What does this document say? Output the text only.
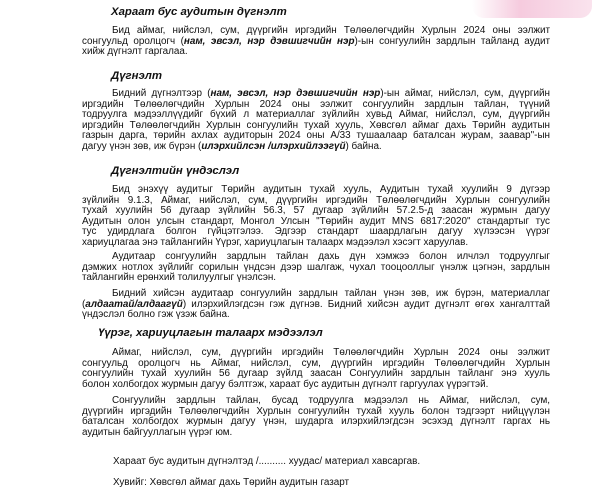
Хараат бус аудитын дүгнэлт
Бид аймаг, нийслэл, сум, дүүргийн иргэдийн Төлөөлөгчдийн Хурлын 2024 оны ээлжит
сонгуульд оролцогч (нам, эвсэл, нэр дэвшигчийн нэр)-ын сонгуулийн зардлын тайланд аудит
хийж дүгнэлт гаргалаа.
Дүгнэлт
Бидний дүгнэлтээр (нам, эвсэл, нэр дэвшигчийн нэр)-ын аймаг, нийслэл, сум, дүүргийн
иргэдийн Төлөөлөгчдийн Хурлын 2024 оны ээлжит сонгуулийн зардлын тайлан, түүний
тодруулга мэдээллүүдийг бүхий л материаллаг зүйлийн хувьд Аймаг, нийслэл, сум, дүүргийн
иргэдийн Төлөөлөгчдийн Хурлын сонгуулийн тухай хууль, Хөвсгөл аймаг дахь Төрийн аудитын
газрын дарга, төрийн ахлах аудиторын 2024 оны А/33 тушаалаар баталсан журам, заавар"-ын
дагуу үнэн зөв, иж бүрэн (илэрхийлсэн /илэрхийлээгүй) байна.
Дүгнэлтийн үндэслэл
Бид энэхүү аудитыг Төрийн аудитын тухай хууль, Аудитын тухай хуулийн 9 дүгээр
зүйлийн 9.1.3, Аймаг, нийслэл, сум, дүүргийн иргэдийн Төлөөлөгчдийн Хурлын сонгуулийн
тухай хуулийн 56 дугаар зүйлийн 56.3, 57 дугаар зүйлийн 57.2.5-д заасан журмын дагуу
Аудитын олон улсын стандарт, Монгол Улсын "Төрийн аудит MNS 6817:2020" стандартыг тус
тус удирдлага болгон гүйцэтгэлээ. Эдгээр стандарт шаардлагын дагуу хүлээсэн үүрэг
хариуцлагаа энэ тайлангийн Үүрэг, хариуцлагын талаарх мэдээлэл хэсэгт харуулав.
Аудитаар сонгуулийн зардлын тайлан дахь дүн хэмжээ болон илчлэл тодруулгыг
дэмжих нотлох зүйлийг сорилын үндсэн дээр шалгаж, чухал тооцооллыг үнэлж цэгнэн, зардлын
тайлангийн ерөнхий толилуулгыг үнэлсэн.
Бидний хийсэн аудитаар сонгуулийн зардлын тайлан үнэн зөв, иж бүрэн, материаллаг
(алдаатай/алдаагүй) илэрхийлэгдсэн гэж дүгнэв. Бидний хийсэн аудит дүгнэлт өгөх хангалттай
үндэслэл болно гэж үзэж байна.
Үүрэг, хариуцлагын талаарх мэдээлэл
Аймаг, нийслэл, сум, дүүргийн иргэдийн Төлөөлөгчдийн Хурлын 2024 оны ээлжит
сонгуульд оролцогч нь Аймаг, нийслэл, сум, дүүргийн иргэдийн Төлөөлөгчдийн Хурлын
сонгуулийн тухай хуулийн 56 дугаар зүйлд заасан Сонгуулийн зардлын тайланг энэ хууль
болон холбогдох журмын дагуу бэлтгэж, хараат бус аудитын дүгнэлт гаргуулах үүрэгтэй.
Сонгуулийн зардлын тайлан, бусад тодруулга мэдээлэл нь Аймаг, нийслэл, сум,
дүүргийн иргэдийн Төлөөлөгчдийн Хурлын сонгуулийн тухай хууль болон тэдгээрт нийцүүлэн
баталсан холбогдох журмын дагуу үнэн, шударга илэрхийлэгдсэн эсэхэд дүгнэлт гаргах нь
аудитын байгууллагын үүрэг юм.
Хараат бус аудитын дүгнэлтэд /.......... хуудас/ материал хавсаргав.
Хувийг: Хөвсгөл аймаг дахь Төрийн аудитын газарт
